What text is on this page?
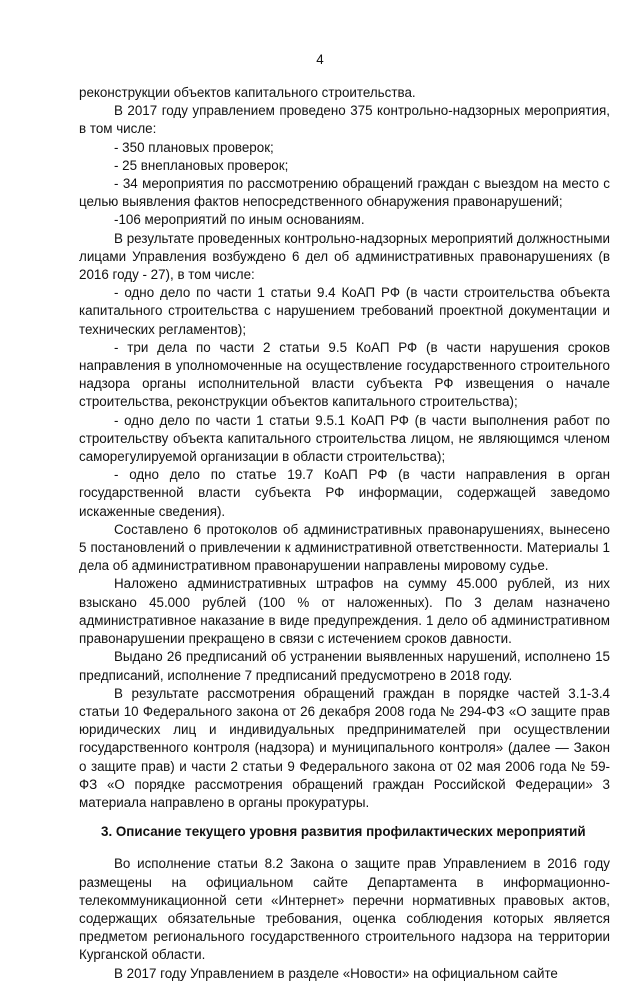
4

реконструкции объектов капитального строительства.

В 2017 году управлением проведено 375 контрольно-надзорных мероприятия, в том числе:

- 350 плановых проверок;

- 25 внеплановых проверок;

- 34 мероприятия по рассмотрению обращений граждан с выездом на место с целью выявления фактов непосредственного обнаружения правонарушений;

-106 мероприятий по иным основаниям.

В результате проведенных контрольно-надзорных мероприятий должностными лицами Управления возбуждено 6 дел об административных правонарушениях (в 2016 году - 27), в том числе:

- одно дело по части 1 статьи 9.4 КоАП РФ (в части строительства объекта капитального строительства с нарушением требований проектной документации и технических регламентов);

- три дела по части 2 статьи 9.5 КоАП РФ (в части нарушения сроков направления в уполномоченные на осуществление государственного строительного надзора органы исполнительной власти субъекта РФ извещения о начале строительства, реконструкции объектов капитального строительства);

- одно дело по части 1 статьи 9.5.1 КоАП РФ (в части выполнения работ по строительству объекта капитального строительства лицом, не являющимся членом саморегулируемой организации в области строительства);

- одно дело по статье 19.7 КоАП РФ (в части направления в орган государственной власти субъекта РФ информации, содержащей заведомо искаженные сведения).

Составлено 6 протоколов об административных правонарушениях, вынесено 5 постановлений о привлечении к административной ответственности. Материалы 1 дела об административном правонарушении направлены мировому судье.

Наложено административных штрафов на сумму 45.000 рублей, из них взыскано 45.000 рублей (100 % от наложенных). По 3 делам назначено административное наказание в виде предупреждения. 1 дело об административном правонарушении прекращено в связи с истечением сроков давности.

Выдано 26 предписаний об устранении выявленных нарушений, исполнено 15 предписаний, исполнение 7 предписаний предусмотрено в 2018 году.

В результате рассмотрения обращений граждан в порядке частей 3.1-3.4 статьи 10 Федерального закона от 26 декабря 2008 года № 294-ФЗ «О защите прав юридических лиц и индивидуальных предпринимателей при осуществлении государственного контроля (надзора) и муниципального контроля» (далее — Закон о защите прав) и части 2 статьи 9 Федерального закона от 02 мая 2006 года № 59-ФЗ «О порядке рассмотрения обращений граждан Российской Федерации» 3 материала направлено в органы прокуратуры.

3. Описание текущего уровня развития профилактических мероприятий

Во исполнение статьи 8.2 Закона о защите прав Управлением в 2016 году размещены на официальном сайте Департамента в информационно-телекоммуникационной сети «Интернет» перечни нормативных правовых актов, содержащих обязательные требования, оценка соблюдения которых является предметом регионального государственного строительного надзора на территории Курганской области.

В 2017 году Управлением в разделе «Новости» на официальном сайте
